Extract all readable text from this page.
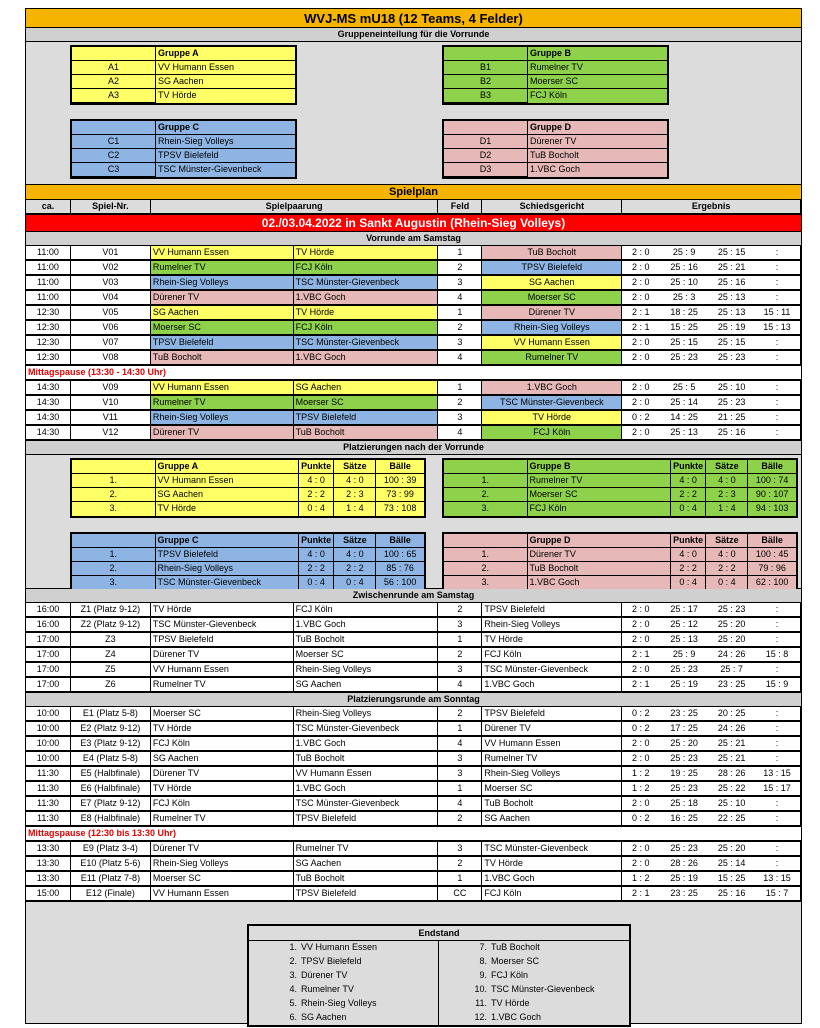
WVJ-MS mU18 (12 Teams, 4 Felder)
Gruppeneinteilung für die Vorrunde
Gruppe A
A1	VV Humann Essen
A2	SG Aachen
A3	TV Hörde
Gruppe B
B1	Rumelner TV
B2	Moerser SC
B3	FCJ Köln
Gruppe C
C1	Rhein-Sieg Volleys
C2	TPSV Bielefeld
C3	TSC Münster-Gievenbeck
Gruppe D
D1	Dürener TV
D2	TuB Bocholt
D3	1.VBC Goch
Spielplan
ca.	Spiel-Nr.	Spielpaarung	Feld	Schiedsgericht	Ergebnis
02./03.04.2022 in Sankt Augustin (Rhein-Sieg Volleys)
Vorrunde am Samstag
11:00	V01	VV Humann Essen	TV Hörde	1	TuB Bocholt	2 : 0	25 : 9	25 : 15	:
11:00	V02	Rumelner TV	FCJ Köln	2	TPSV Bielefeld	2 : 0	25 : 16	25 : 21	:
11:00	V03	Rhein-Sieg Volleys	TSC Münster-Gievenbeck	3	SG Aachen	2 : 0	25 : 10	25 : 16	:
11:00	V04	Dürener TV	1.VBC Goch	4	Moerser SC	2 : 0	25 : 3	25 : 13	:
12:30	V05	SG Aachen	TV Hörde	1	Dürener TV	2 : 1	18 : 25	25 : 13	15 : 11
12:30	V06	Moerser SC	FCJ Köln	2	Rhein-Sieg Volleys	2 : 1	15 : 25	25 : 19	15 : 13
12:30	V07	TPSV Bielefeld	TSC Münster-Gievenbeck	3	VV Humann Essen	2 : 0	25 : 15	25 : 15	:
12:30	V08	TuB Bocholt	1.VBC Goch	4	Rumelner TV	2 : 0	25 : 23	25 : 23	:
Mittagspause (13:30 - 14:30 Uhr)
14:30	V09	VV Humann Essen	SG Aachen	1	1.VBC Goch	2 : 0	25 : 5	25 : 10	:
14:30	V10	Rumelner TV	Moerser SC	2	TSC Münster-Gievenbeck	2 : 0	25 : 14	25 : 23	:
14:30	V11	Rhein-Sieg Volleys	TPSV Bielefeld	3	TV Hörde	0 : 2	14 : 25	21 : 25	:
14:30	V12	Dürener TV	TuB Bocholt	4	FCJ Köln	2 : 0	25 : 13	25 : 16	:
Platzierungen nach der Vorrunde
Gruppe A	Punkte	Sätze	Bälle
1.	VV Humann Essen	4 : 0	4 : 0	100 : 39
2.	SG Aachen	2 : 2	2 : 3	73 : 99
3.	TV Hörde	0 : 4	1 : 4	73 : 108
Gruppe B	Punkte	Sätze	Bälle
1.	Rumelner TV	4 : 0	4 : 0	100 : 74
2.	Moerser SC	2 : 2	2 : 3	90 : 107
3.	FCJ Köln	0 : 4	1 : 4	94 : 103
Gruppe C	Punkte	Sätze	Bälle
1.	TPSV Bielefeld	4 : 0	4 : 0	100 : 65
2.	Rhein-Sieg Volleys	2 : 2	2 : 2	85 : 76
3.	TSC Münster-Gievenbeck	0 : 4	0 : 4	56 : 100
Gruppe D	Punkte	Sätze	Bälle
1.	Dürener TV	4 : 0	4 : 0	100 : 45
2.	TuB Bocholt	2 : 2	2 : 2	79 : 96
3.	1.VBC Goch	0 : 4	0 : 4	62 : 100
Zwischenrunde am Samstag
16:00	Z1 (Platz 9-12)	TV Hörde	FCJ Köln	2	TPSV Bielefeld	2 : 0	25 : 17	25 : 23	:
16:00	Z2 (Platz 9-12)	TSC Münster-Gievenbeck	1.VBC Goch	3	Rhein-Sieg Volleys	2 : 0	25 : 12	25 : 20	:
17:00	Z3	TPSV Bielefeld	TuB Bocholt	1	TV Hörde	2 : 0	25 : 13	25 : 20	:
17:00	Z4	Dürener TV	Moerser SC	2	FCJ Köln	2 : 1	25 : 9	24 : 26	15 : 8
17:00	Z5	VV Humann Essen	Rhein-Sieg Volleys	3	TSC Münster-Gievenbeck	2 : 0	25 : 23	25 : 7	:
17:00	Z6	Rumelner TV	SG Aachen	4	1.VBC Goch	2 : 1	25 : 19	23 : 25	15 : 9
Platzierungsrunde am Sonntag
10:00	E1 (Platz 5-8)	Moerser SC	Rhein-Sieg Volleys	2	TPSV Bielefeld	0 : 2	23 : 25	20 : 25	:
10:00	E2 (Platz 9-12)	TV Hörde	TSC Münster-Gievenbeck	1	Dürener TV	0 : 2	17 : 25	24 : 26	:
10:00	E3 (Platz 9-12)	FCJ Köln	1.VBC Goch	4	VV Humann Essen	2 : 0	25 : 20	25 : 21	:
10:00	E4 (Platz 5-8)	SG Aachen	TuB Bocholt	3	Rumelner TV	2 : 0	25 : 23	25 : 21	:
11:30	E5 (Halbfinale)	Dürener TV	VV Humann Essen	3	Rhein-Sieg Volleys	1 : 2	19 : 25	28 : 26	13 : 15
11:30	E6 (Halbfinale)	TV Hörde	1.VBC Goch	1	Moerser SC	1 : 2	25 : 23	25 : 22	15 : 17
11:30	E7 (Platz 9-12)	FCJ Köln	TSC Münster-Gievenbeck	4	TuB Bocholt	2 : 0	25 : 18	25 : 10	:
11:30	E8 (Halbfinale)	Rumelner TV	TPSV Bielefeld	2	SG Aachen	0 : 2	16 : 25	22 : 25	:
Mittagspause (12:30 bis 13:30 Uhr)
13:30	E9 (Platz 3-4)	Dürener TV	Rumelner TV	3	TSC Münster-Gievenbeck	2 : 0	25 : 23	25 : 20	:
13:30	E10 (Platz 5-6)	Rhein-Sieg Volleys	SG Aachen	2	TV Hörde	2 : 0	28 : 26	25 : 14	:
13:30	E11 (Platz 7-8)	Moerser SC	TuB Bocholt	1	1.VBC Goch	1 : 2	25 : 19	15 : 25	13 : 15
15:00	E12 (Finale)	VV Humann Essen	TPSV Bielefeld	CC	FCJ Köln	2 : 1	23 : 25	25 : 16	15 : 7
Endstand
1. VV Humann Essen	7. TuB Bocholt
2. TPSV Bielefeld	8. Moerser SC
3. Dürener TV	9. FCJ Köln
4. Rumelner TV	10. TSC Münster-Gievenbeck
5. Rhein-Sieg Volleys	11. TV Hörde
6. SG Aachen	12. 1.VBC Goch
